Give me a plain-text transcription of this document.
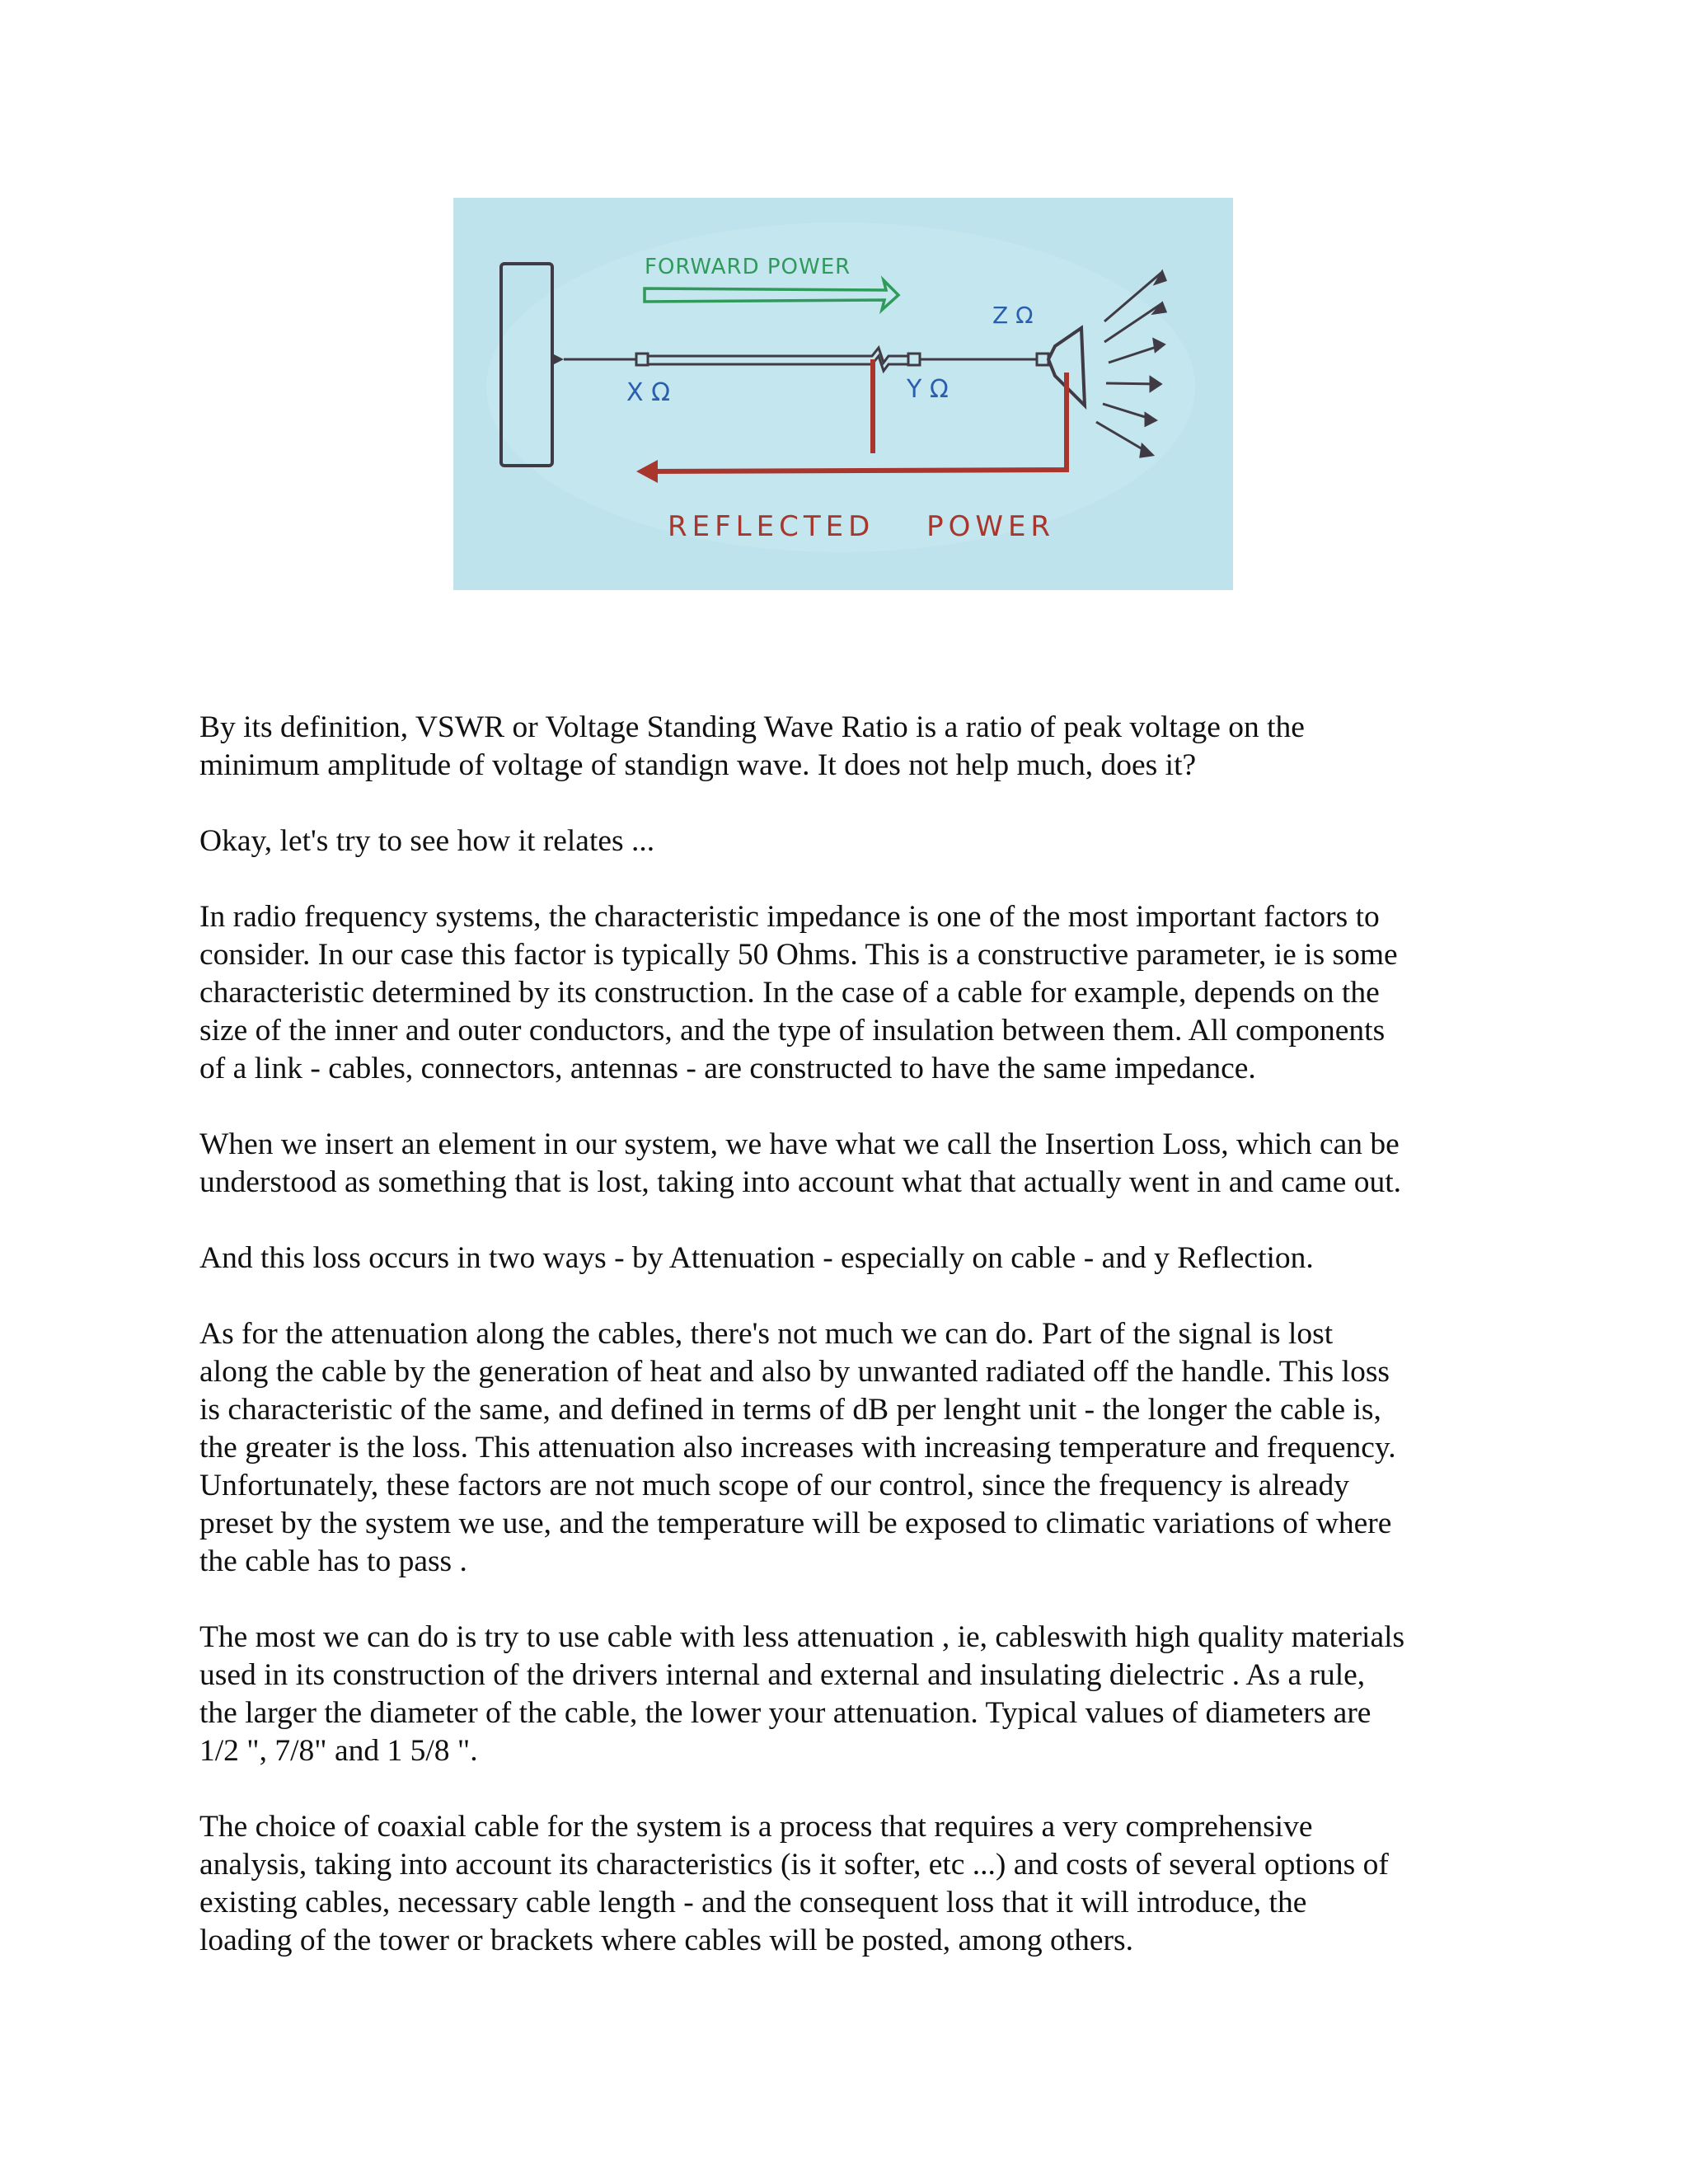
FORWARD POWER
REFLECTED POWER
X Ω	Y Ω
Z Ω

By its definition, VSWR or Voltage Standing Wave Ratio is a ratio of peak voltage on the
minimum amplitude of voltage of standign wave. It does not help much, does it?

Okay, let's try to see how it relates ...

In radio frequency systems, the characteristic impedance is one of the most important factors to
consider. In our case this factor is typically 50 Ohms. This is a constructive parameter, ie is some
characteristic determined by its construction. In the case of a cable for example, depends on the
size of the inner and outer conductors, and the type of insulation between them. All components
of a link - cables, connectors, antennas - are constructed to have the same impedance.

When we insert an element in our system, we have what we call the Insertion Loss, which can be
understood as something that is lost, taking into account what that actually went in and came out.

And this loss occurs in two ways - by Attenuation - especially on cable - and y Reflection.

As for the attenuation along the cables, there's not much we can do. Part of the signal is lost
along the cable by the generation of heat and also by unwanted radiated off the handle. This loss
is characteristic of the same, and defined in terms of dB per lenght unit - the longer the cable is,
the greater is the loss. This attenuation also increases with increasing temperature and frequency.
Unfortunately, these factors are not much scope of our control, since the frequency is already
preset by the system we use, and the temperature will be exposed to climatic variations of where
the cable has to pass .

The most we can do is try to use cable with less attenuation , ie, cableswith high quality materials
used in its construction of the drivers internal and external and insulating dielectric . As a rule,
the larger the diameter of the cable, the lower your attenuation. Typical values of diameters are
1/2 ", 7/8" and 1 5/8 ".

The choice of coaxial cable for the system is a process that requires a very comprehensive
analysis, taking into account its characteristics (is it softer, etc ...) and costs of several options of
existing cables, necessary cable length - and the consequent loss that it will introduce, the
loading of the tower or brackets where cables will be posted, among others.
